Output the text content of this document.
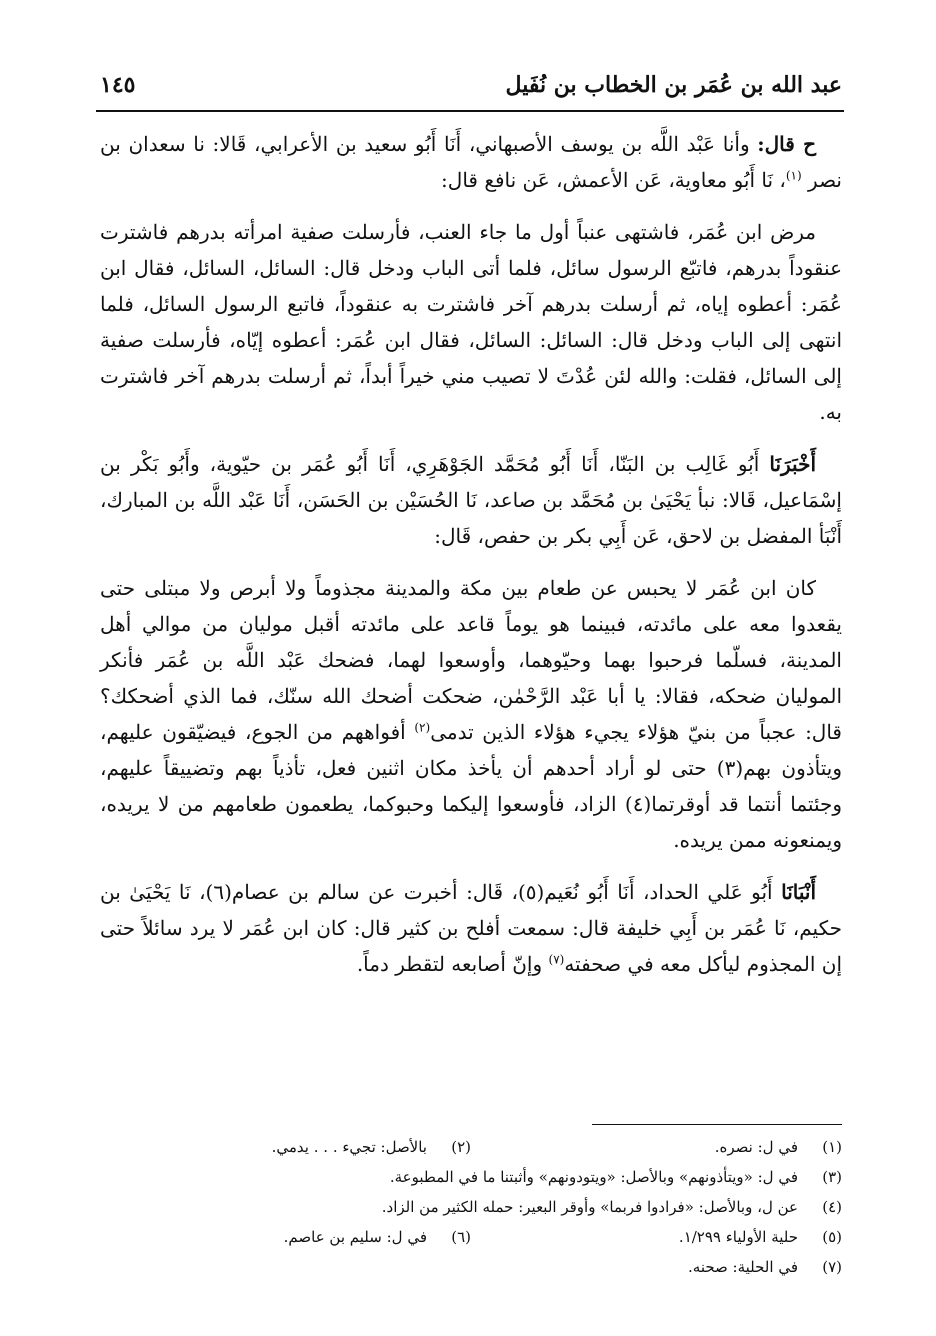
عبد الله بن عُمَر بن الخطاب بن نُفَيل
١٤٥

ح قال: وأنا عَبْد اللَّه بن يوسف الأصبهاني، أَنَا أَبُو سعيد بن الأعرابي، قَالا: نا سعدان بن نصر $^{(١)}$، نَا أَبُو معاوية، عَن الأعمش، عَن نافع قال:

مرض ابن عُمَر، فاشتهى عنباً أول ما جاء العنب، فأرسلت صفية امرأته بدرهم فاشترت عنقوداً بدرهم، فاتبّع الرسول سائل، فلما أتى الباب ودخل قال: السائل، السائل، فقال ابن عُمَر: أعطوه إياه، ثم أرسلت بدرهم آخر فاشترت به عنقوداً، فاتبع الرسول السائل، فلما انتهى إلى الباب ودخل قال: السائل: السائل، فقال ابن عُمَر: أعطوه إيّاه، فأرسلت صفية إلى السائل، فقلت: والله لئن عُدْتَ لا تصيب مني خيراً أبداً، ثم أرسلت بدرهم آخر فاشترت به.

أَخْبَرَنَا أَبُو غَالِب بن البَنّا، أَنَا أَبُو مُحَمَّد الجَوْهَرِي، أَنَا أَبُو عُمَر بن حيّوية، وأَبُو بَكْر بن إسْمَاعيل، قَالا: نبأ يَحْيَىٰ بن مُحَمَّد بن صاعد، نَا الحُسَيْن بن الحَسَن، أَنَا عَبْد اللَّه بن المبارك، أَنْبَأ المفضل بن لاحق، عَن أَبِي بكر بن حفص، قَال:

كان ابن عُمَر لا يحبس عن طعام بين مكة والمدينة مجذوماً ولا أبرص ولا مبتلى حتى يقعدوا معه على مائدته، فبينما هو يوماً قاعد على مائدته أقبل موليان من موالي أهل المدينة، فسلّما فرحبوا بهما وحيّوهما، وأوسعوا لهما، فضحك عَبْد اللَّه بن عُمَر فأنكر المولیان ضحكه، فقالا: يا أبا عَبْد الرَّحْمٰن، ضحكت أضحك الله سنّك، فما الذي أضحكك؟ قال: عجباً من بنيّ هؤلاء يجيء هؤلاء الذين تدمى$^{(٢)}$ أفواههم من الجوع، فيضيّقون عليهم، ويتأذون بهم(٣) حتى لو أراد أحدهم أن يأخذ مكان اثنين فعل، تأذياً بهم وتضييقاً عليهم، وجئتما أنتما قد أوقرتما(٤) الزاد، فأوسعوا إليكما وحبوكما، يطعمون طعامهم من لا يريده، ويمنعونه ممن يريده.

أَنْبَانَا أَبُو عَلي الحداد، أَنَا أَبُو نُعَيم(٥)، قَال: أخبرت عن سالم بن عصام(٦)، نَا يَحْيَىٰ بن حكيم، نَا عُمَر بن أَبِي خليفة قال: سمعت أفلح بن كثير قال: كان ابن عُمَر لا يرد سائلاً حتى إن المجذوم ليأكل معه في صحفته$^{(٧)}$ وإنّ أصابعه لتقطر دماً.

(١)
في ل: نصره.
(٢)
بالأصل: تجيء . . . يدمي.
(٣)
في ل: «ويتأذونهم» وبالأصل: «ويتودونهم» وأثبتنا ما في المطبوعة.
(٤)
عن ل، وبالأصل: «فرادوا فربما» وأوقر البعير: حمله الكثير من الزاد.
(٥)
حلية الأولياء ١/٢٩٩.
(٦)
في ل: سليم بن عاصم.
(٧)
في الحلية: صحنه.
